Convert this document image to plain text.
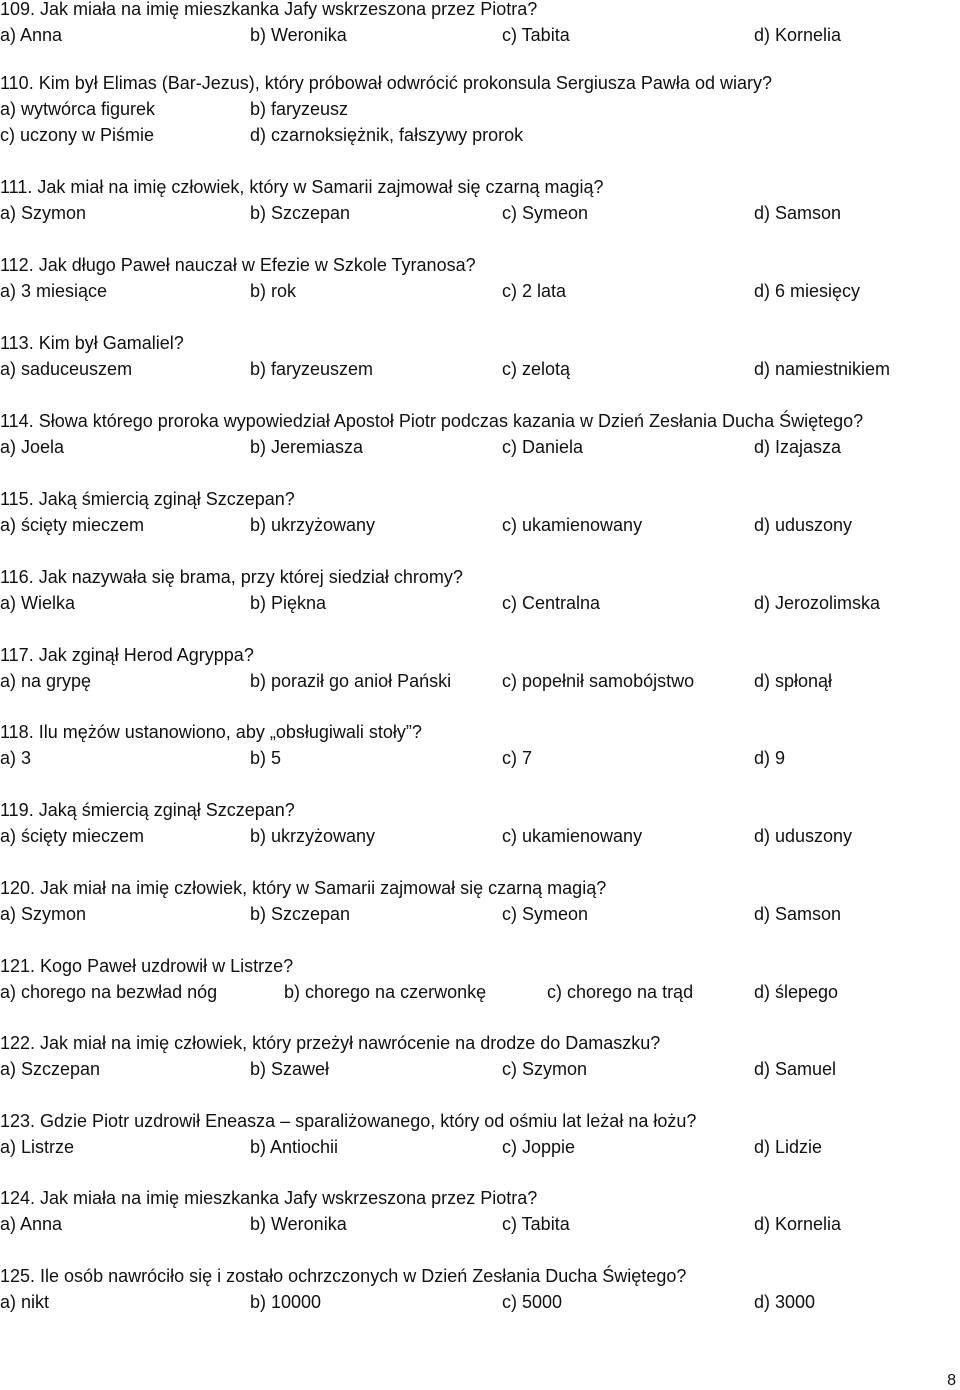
109. Jak miała na imię mieszkanka Jafy wskrzeszona przez Piotra?
a) Anna	b) Weronika	c) Tabita	d) Kornelia
110. Kim był Elimas (Bar-Jezus), który próbował odwrócić prokonsula Sergiusza Pawła od wiary?
a) wytwórca figurek	b) faryzeusz
c) uczony w Piśmie	d) czarnoksiężnik, fałszywy prorok
111. Jak miał na imię człowiek, który w Samarii zajmował się czarną magią?
a) Szymon	b) Szczepan	c) Symeon	d) Samson
112. Jak długo Paweł nauczał w Efezie w Szkole Tyranosa?
a) 3 miesiące	b) rok	c) 2 lata	d) 6 miesięcy
113. Kim był Gamaliel?
a) saduceuszem	b) faryzeuszem	c) zelotą	d) namiestnikiem
114. Słowa którego proroka wypowiedział Apostoł Piotr podczas kazania w Dzień Zesłania Ducha Świętego?
a) Joela	b) Jeremiasza	c) Daniela	d) Izajasza
115. Jaką śmiercią zginął Szczepan?
a) ścięty mieczem	b) ukrzyżowany	c) ukamienowany	d) uduszony
116. Jak nazywała się brama, przy której siedział chromy?
a) Wielka	b) Piękna	c) Centralna	d) Jerozolimska
117. Jak zginął Herod Agryppa?
a) na grypę	b) poraził go anioł Pański	c) popełnił samobójstwo	d) spłonął
118. Ilu mężów ustanowiono, aby „obsługiwali stoły”?
a) 3	b) 5	c) 7	d) 9
119. Jaką śmiercią zginął Szczepan?
a) ścięty mieczem	b) ukrzyżowany	c) ukamienowany	d) uduszony
120. Jak miał na imię człowiek, który w Samarii zajmował się czarną magią?
a) Szymon	b) Szczepan	c) Symeon	d) Samson
121. Kogo Paweł uzdrowił w Listrze?
a) chorego na bezwład nóg	b) chorego na czerwonkę	c) chorego na trąd	d) ślepego
122. Jak miał na imię człowiek, który przeżył nawrócenie na drodze do Damaszku?
a) Szczepan	b) Szaweł	c) Szymon	d) Samuel
123. Gdzie Piotr uzdrowił Eneasza – sparaliżowanego, który od ośmiu lat leżał na łożu?
a) Listrze	b) Antiochii	c) Joppie	d) Lidzie
124. Jak miała na imię mieszkanka Jafy wskrzeszona przez Piotra?
a) Anna	b) Weronika	c) Tabita	d) Kornelia
125. Ile osób nawróciło się i zostało ochrzczonych w Dzień Zesłania Ducha Świętego?
a) nikt	b) 10000	c) 5000	d) 3000
8
